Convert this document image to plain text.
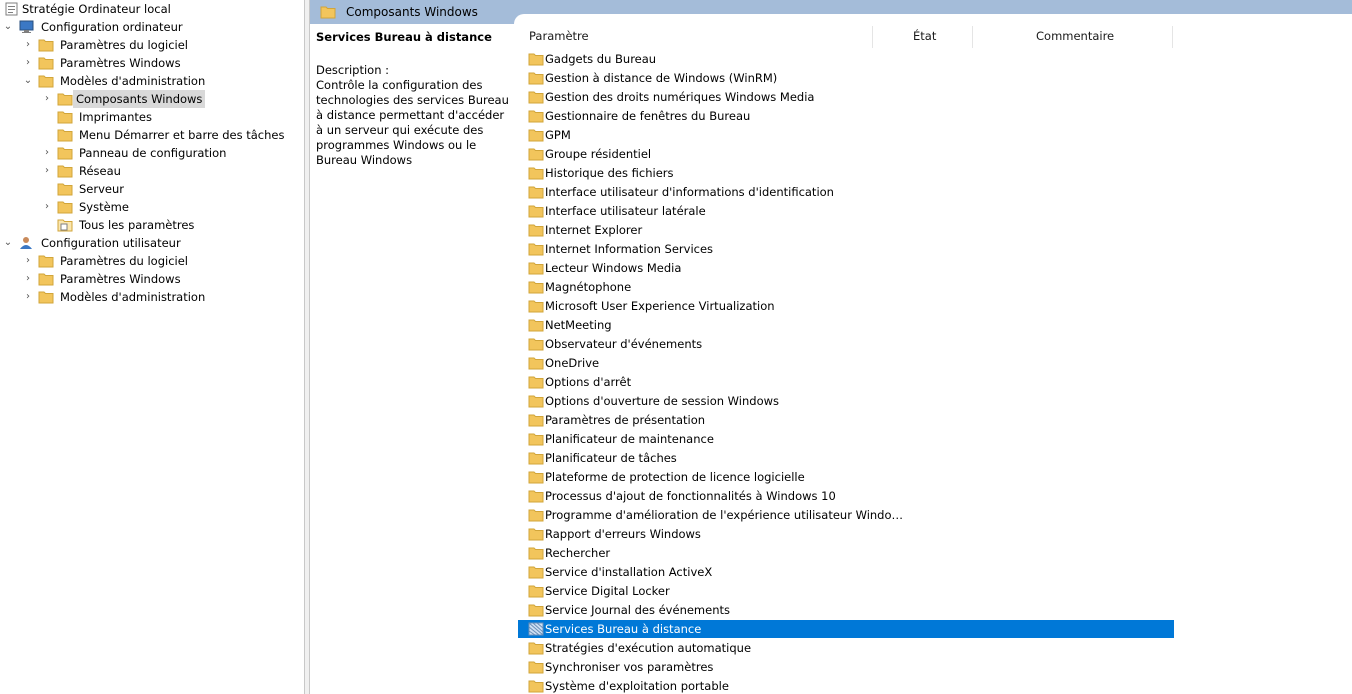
Stratégie Ordinateur local
⌄	Configuration ordinateur
›	Paramètres du logiciel
›	Paramètres Windows
⌄ Modèles d'administration
› Composants Windows
Imprimantes
Menu Démarrer et barre des tâches
›	Panneau de configuration
›	Réseau
Serveur
›	Système
Tous les paramètres
⌄	Configuration utilisateur
›	Paramètres du logiciel
›	Paramètres Windows
›	Modèles d'administration
Composants Windows
Services Bureau à distance
Description :
Contrôle la configuration des technologies des services Bureau à distance permettant d'accéder à un serveur qui exécute des programmes Windows ou le Bureau Windows
Paramètre	État	Commentaire
Gadgets du Bureau
Gestion à distance de Windows (WinRM)
Gestion des droits numériques Windows Media
Gestionnaire de fenêtres du Bureau
GPM
Groupe résidentiel
Historique des fichiers
Interface utilisateur d'informations d'identification
Interface utilisateur latérale
Internet Explorer
Internet Information Services
Lecteur Windows Media
Magnétophone
Microsoft User Experience Virtualization
NetMeeting
Observateur d'événements
OneDrive
Options d'arrêt
Options d'ouverture de session Windows
Paramètres de présentation
Planificateur de maintenance
Planificateur de tâches
Plateforme de protection de licence logicielle
Processus d'ajout de fonctionnalités à Windows 10
Programme d'amélioration de l'expérience utilisateur Windo…
Rapport d'erreurs Windows
Rechercher
Service d'installation ActiveX
Service Digital Locker
Service Journal des événements
Services Bureau à distance
Stratégies d'exécution automatique
Synchroniser vos paramètres
Système d'exploitation portable
